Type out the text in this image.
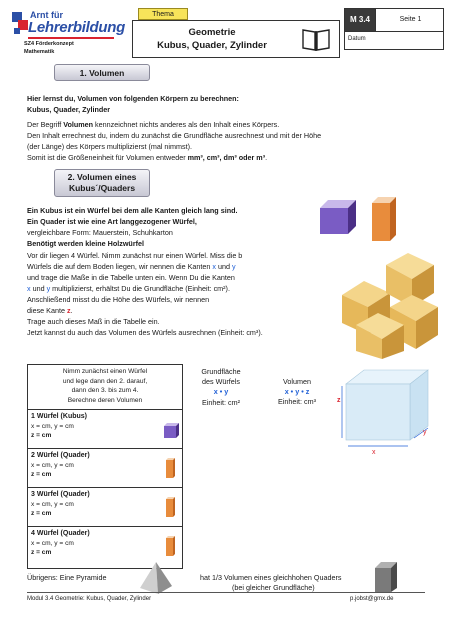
Arnt für
Lehrerbildung
SZ4 Förderkonzept
Mathematik
Thema
Geometrie
Kubus, Quader, Zylinder
M 3.4	Seite 1
Datum
1. Volumen
Hier lernst du, Volumen von folgenden Körpern zu berechnen:
Kubus, Quader, Zylinder
Der Begriff Volumen kennzeichnet nichts anderes als den Inhalt eines Körpers.
Den Inhalt errechnest du, indem du zunächst die Grundfläche ausrechnest und mit der Höhe
(der Länge) des Körpers multiplizierst (mal nimmst).
Somit ist die Größeneinheit für Volumen entweder mm³, cm³, dm³ oder m³.
2. Volumen eines
Kubus´/Quaders
Ein Kubus ist ein Würfel bei dem alle Kanten gleich lang sind.
Ein Quader ist wie eine Art langgezogener Würfel,
vergleichbare Form: Mauerstein, Schuhkarton
Benötigt werden kleine Holzwürfel
Vor dir liegen 4 Würfel. Nimm zunächst nur einen Würfel. Miss die b
Würfels die auf dem Boden liegen, wir nennen die Kanten x und y
und trage die Maße in die Tabelle unten ein. Wenn Du die Kanten
x und y multiplizierst, erhältst Du die Grundfläche (Einheit: cm²).
Anschließend misst du die Höhe des Würfels, wir nennen
diese Kante z.
Trage auch dieses Maß in die Tabelle ein.
Jetzt kannst du auch das Volumen des Würfels ausrechnen (Einheit: cm³).
Nimm zunächst einen Würfel
und lege dann den 2. darauf,
dann den 3. bis zum 4.
Berechne deren Volumen
1 Würfel (Kubus)
x = cm, y = cm
z = cm
2 Würfel (Quader)
x = cm, y = cm
z = cm
3 Würfel (Quader)
x = cm, y = cm
z = cm
4 Würfel (Quader)
x = cm, y = cm
z = cm
Grundfläche
des Würfels
x • y
Einheit: cm²
Volumen
x • y • z
Einheit: cm³	z
x
y
Übrigens: Eine Pyramide	hat 1/3 Volumen eines gleichhohen Quaders
(bei gleicher Grundfläche)
Modul 3.4 Geometrie: Kubus, Quader, Zylinder	p.jobst@gmx.de
